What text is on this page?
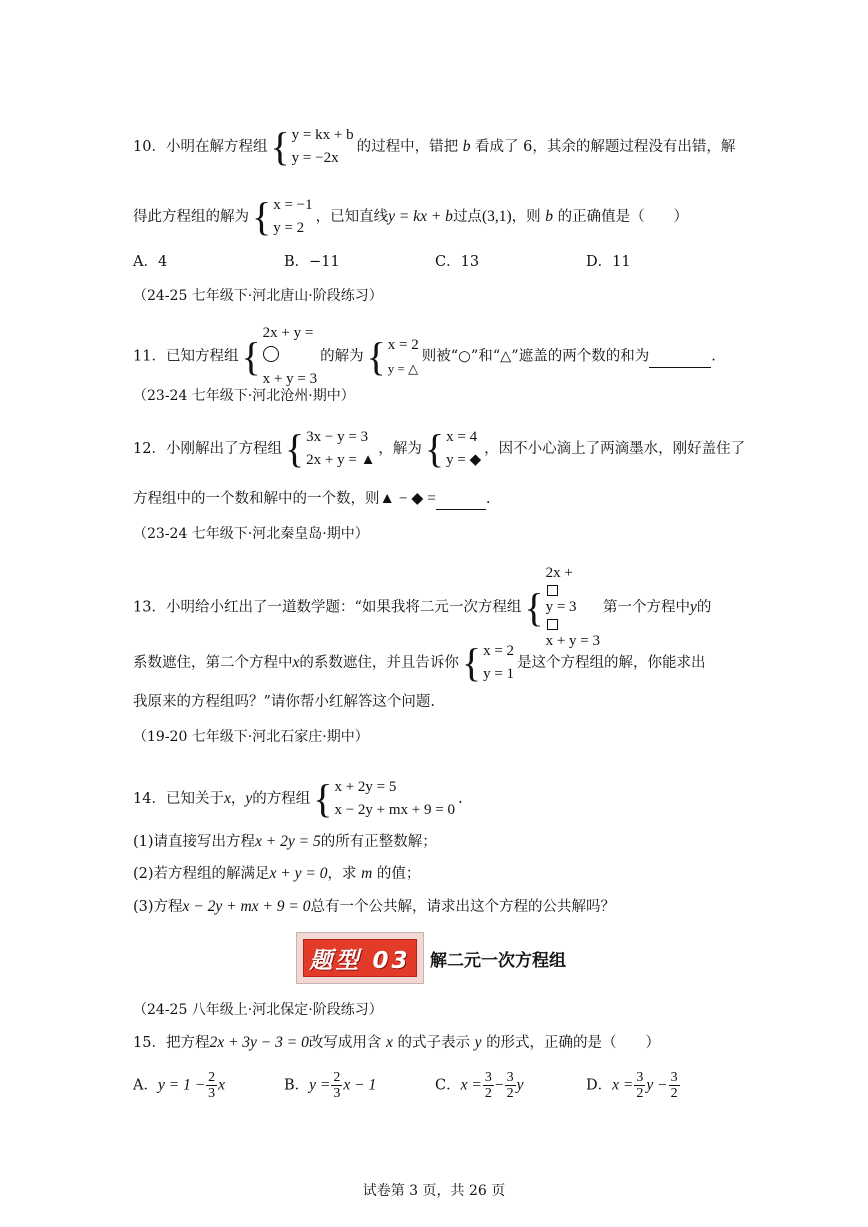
10．小明在解方程组 { y = kx + b
y = −2x
的过程中，错把 b 看成了 6，其余的解题过程没有出错，解
得此方程组的解为 { x = −1
y = 2
，已知直线y = kx + b过点(3,1)，则 b 的正确值是（　　）
A．4	B．−11	C．13	D．11
（24-25 七年级下·河北唐山·阶段练习）
11．已知方程组 {
2x + y =
x + y = 3
的解为 { x = 2
y = △
则被“○”和“△”遮盖的两个数的和为	.
（23-24 七年级下·河北沧州·期中）
12．小刚解出了方程组 { 3x − y = 3
2x + y = ▲
，解为 { x = 4
y = ◆
，因不小心滴上了两滴墨水，刚好盖住了
方程组中的一个数和解中的一个数，则▲ − ◆ =	.
（23-24 七年级下·河北秦皇岛·期中）
13．小明给小红出了一道数学题：“如果我将二元一次方程组 {
2x +
y = 3
x + y = 3
第一个方程中y的
系数遮住，第二个方程中x的系数遮住，并且告诉你 { x = 2
y = 1
是这个方程组的解，你能求出
我原来的方程组吗？”请你帮小红解答这个问题.
（19-20 七年级下·河北石家庄·期中）
14．已知关于x，y的方程组 { x + 2y = 5
x − 2y + mx + 9 = 0
.
(1)请直接写出方程x + 2y = 5的所有正整数解；
(2)若方程组的解满足x + y = 0，求 m 的值；
(3)方程x − 2y + mx + 9 = 0总有一个公共解，请求出这个方程的公共解吗？
题型 03 解二元一次方程组
（24-25 八年级上·河北保定·阶段练习）
15．把方程2x + 3y − 3 = 0改写成用含 x 的式子表示 y 的形式，正确的是（　　）
A．$y = 1 - \frac{2}{3}$ x	B．$y = \frac{2}{3}$ x − 1	C．$x = \frac{3}{2} - \frac{3}{2}$ y	D．$x = \frac{3}{2}$ $y - \frac{3}{2}$
试卷第 3 页，共 26 页
